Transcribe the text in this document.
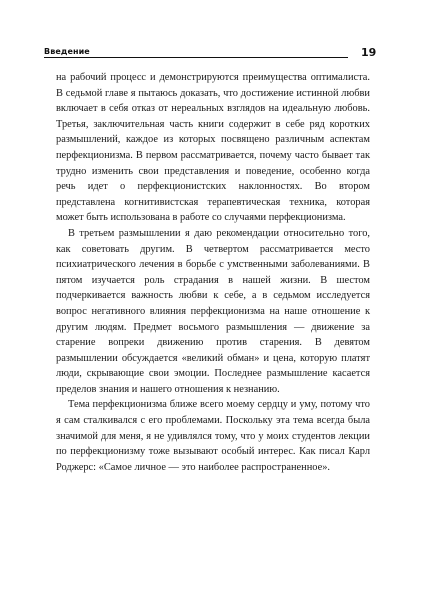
Введение	19

на рабочий процесс и демонстрируются преимущества оптималиста. В седьмой главе я пытаюсь доказать, что достижение истинной любви включает в себя отказ от нереальных взглядов на идеальную любовь. Третья, заключительная часть книги содержит в себе ряд коротких размышлений, каждое из которых посвящено различным аспектам перфекционизма. В первом рассматривается, почему часто бывает так трудно изменить свои представления и поведение, особенно когда речь идет о перфекционистских наклонностях. Во втором представлена когнитивистская терапевтическая техника, которая может быть использована в работе со случаями перфекционизма.

В третьем размышлении я даю рекомендации относительно того, как советовать другим. В четвертом рассматривается место психиатрического лечения в борьбе с умственными заболеваниями. В пятом изучается роль страдания в нашей жизни. В шестом подчеркивается важность любви к себе, а в седьмом исследуется вопрос негативного влияния перфекционизма на наше отношение к другим людям. Предмет восьмого размышления — движение за старение вопреки движению против старения. В девятом размышлении обсуждается «великий обман» и цена, которую платят люди, скрывающие свои эмоции. Последнее размышление касается пределов знания и нашего отношения к незнанию.

Тема перфекционизма ближе всего моему сердцу и уму, потому что я сам сталкивался с его проблемами. Поскольку эта тема всегда была значимой для меня, я не удивлялся тому, что у моих студентов лекции по перфекционизму тоже вызывают особый интерес. Как писал Карл Роджерс: «Самое личное — это наиболее распространенное».
